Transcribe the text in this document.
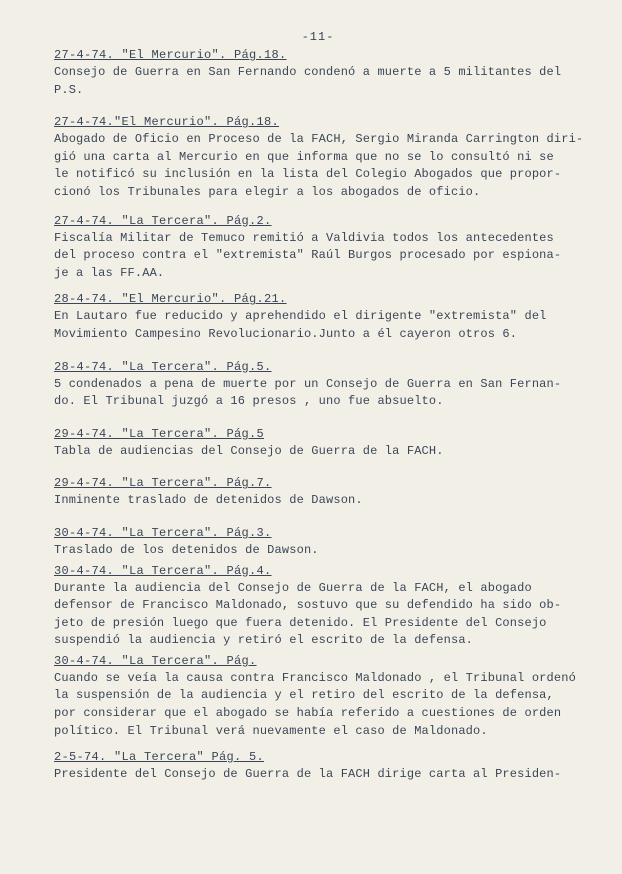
-11-
27-4-74. "El Mercurio". Pág.18.
Consejo de Guerra en San Fernando condenó a muerte a 5 militantes del
P.S.
27-4-74."El Mercurio". Pág.18.
Abogado de Oficio en Proceso de la FACH, Sergio Miranda Carrington diri-
gió una carta al Mercurio en que informa que no se lo consultó ni se
le notificó su inclusión en la lista del Colegio Abogados que propor-
cionó los Tribunales para elegir a los abogados de oficio.
27-4-74. "La Tercera". Pág.2.
Fiscalía Militar de Temuco remitió a Valdivia todos los antecedentes
del proceso contra el "extremista" Raúl Burgos procesado por espiona-
je a las FF.AA.
28-4-74. "El Mercurio". Pág.21.
En Lautaro fue reducido y aprehendido el dirigente "extremista" del
Movimiento Campesino Revolucionario.Junto a él cayeron otros 6.
28-4-74. "La Tercera". Pág.5.
5 condenados a pena de muerte por un Consejo de Guerra en San Fernan-
do. El Tribunal juzgó a 16 presos , uno fue absuelto.
29-4-74. "La Tercera". Pág.5
Tabla de audiencias del Consejo de Guerra de la FACH.
29-4-74. "La Tercera". Pág.7.
Inminente traslado de detenidos de Dawson.
30-4-74. "La Tercera". Pág.3.
Traslado de los detenidos de Dawson.
30-4-74. "La Tercera". Pág.4.
Durante la audiencia del Consejo de Guerra de la FACH, el abogado
defensor de Francisco Maldonado, sostuvo que su defendido ha sido ob-
jeto de presión luego que fuera detenido. El Presidente del Consejo
suspendió la audiencia y retiró el escrito de la defensa.
30-4-74. "La Tercera". Pág.
Cuando se veía la causa contra Francisco Maldonado , el Tribunal ordenó
la suspensión de la audiencia y el retiro del escrito de la defensa,
por considerar que el abogado se había referido a cuestiones de orden
político. El Tribunal verá nuevamente el caso de Maldonado.
2-5-74. "La Tercera" Pág. 5.
Presidente del Consejo de Guerra de la FACH dirige carta al Presiden-
